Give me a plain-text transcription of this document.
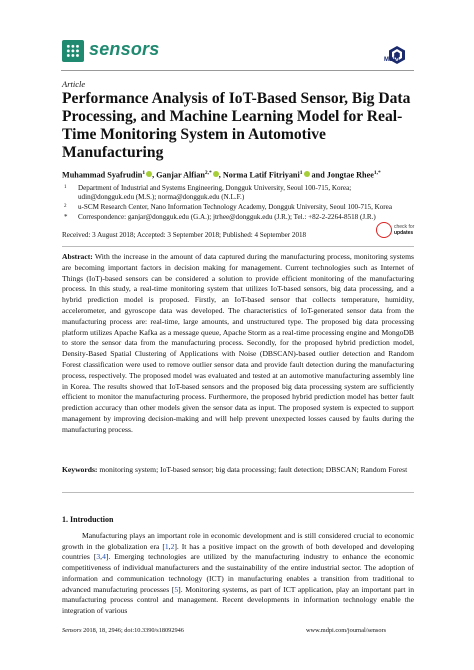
sensors
MDPI
Article
Performance Analysis of IoT-Based Sensor, Big Data Processing, and Machine Learning Model for Real-Time Monitoring System in Automotive Manufacturing
Muhammad Syafrudin$^1$ , Ganjar Alfian$^{2,*}$ , Norma Latif Fitriyani$^1$ and Jongtae Rhee$^{1,*}$
1 Department of Industrial and Systems Engineering, Dongguk University, Seoul 100-715, Korea;
udin@dongguk.edu (M.S.); norma@dongguk.edu (N.L.F.)
2 u-SCM Research Center, Nano Information Technology Academy, Dongguk University, Seoul 100-715, Korea
* Correspondence: ganjar@dongguk.edu (G.A.); jtrhee@dongguk.edu (J.R.); Tel.: +82-2-2264-8518 (J.R.)
Received: 3 August 2018; Accepted: 3 September 2018; Published: 4 September 2018
check for
updates
Abstract: With the increase in the amount of data captured during the manufacturing process, monitoring systems are becoming important factors in decision making for management. Current technologies such as Internet of Things (IoT)-based sensors can be considered a solution to provide efficient monitoring of the manufacturing process. In this study, a real-time monitoring system that utilizes IoT-based sensors, big data processing, and a hybrid prediction model is proposed. Firstly, an IoT-based sensor that collects temperature, humidity, accelerometer, and gyroscope data was developed. The characteristics of IoT-generated sensor data from the manufacturing process are: real-time, large amounts, and unstructured type. The proposed big data processing platform utilizes Apache Kafka as a message queue, Apache Storm as a real-time processing engine and MongoDB to store the sensor data from the manufacturing process. Secondly, for the proposed hybrid prediction model, Density-Based Spatial Clustering of Applications with Noise (DBSCAN)-based outlier detection and Random Forest classification were used to remove outlier sensor data and provide fault detection during the manufacturing process, respectively. The proposed model was evaluated and tested at an automotive manufacturing assembly line in Korea. The results showed that IoT-based sensors and the proposed big data processing system are sufficiently efficient to monitor the manufacturing process. Furthermore, the proposed hybrid prediction model has better fault prediction accuracy than other models given the sensor data as input. The proposed system is expected to support management by improving decision-making and will help prevent unexpected losses caused by faults during the manufacturing process.
Keywords: monitoring system; IoT-based sensor; big data processing; fault detection; DBSCAN; Random Forest
1. Introduction
Manufacturing plays an important role in economic development and is still considered crucial to economic growth in the globalization era [1,2]. It has a positive impact on the growth of both developed and developing countries [3,4]. Emerging technologies are utilized by the manufacturing industry to enhance the economic competitiveness of individual manufacturers and the sustainability of the entire industrial sector. The adoption of information and communication technology (ICT) in manufacturing enables a transition from traditional to advanced manufacturing processes [5]. Monitoring systems, as part of ICT application, play an important part in manufacturing process control and management. Recent developments in information technology enable the integration of various
Sensors 2018, 18, 2946; doi:10.3390/s18092946	www.mdpi.com/journal/sensors
